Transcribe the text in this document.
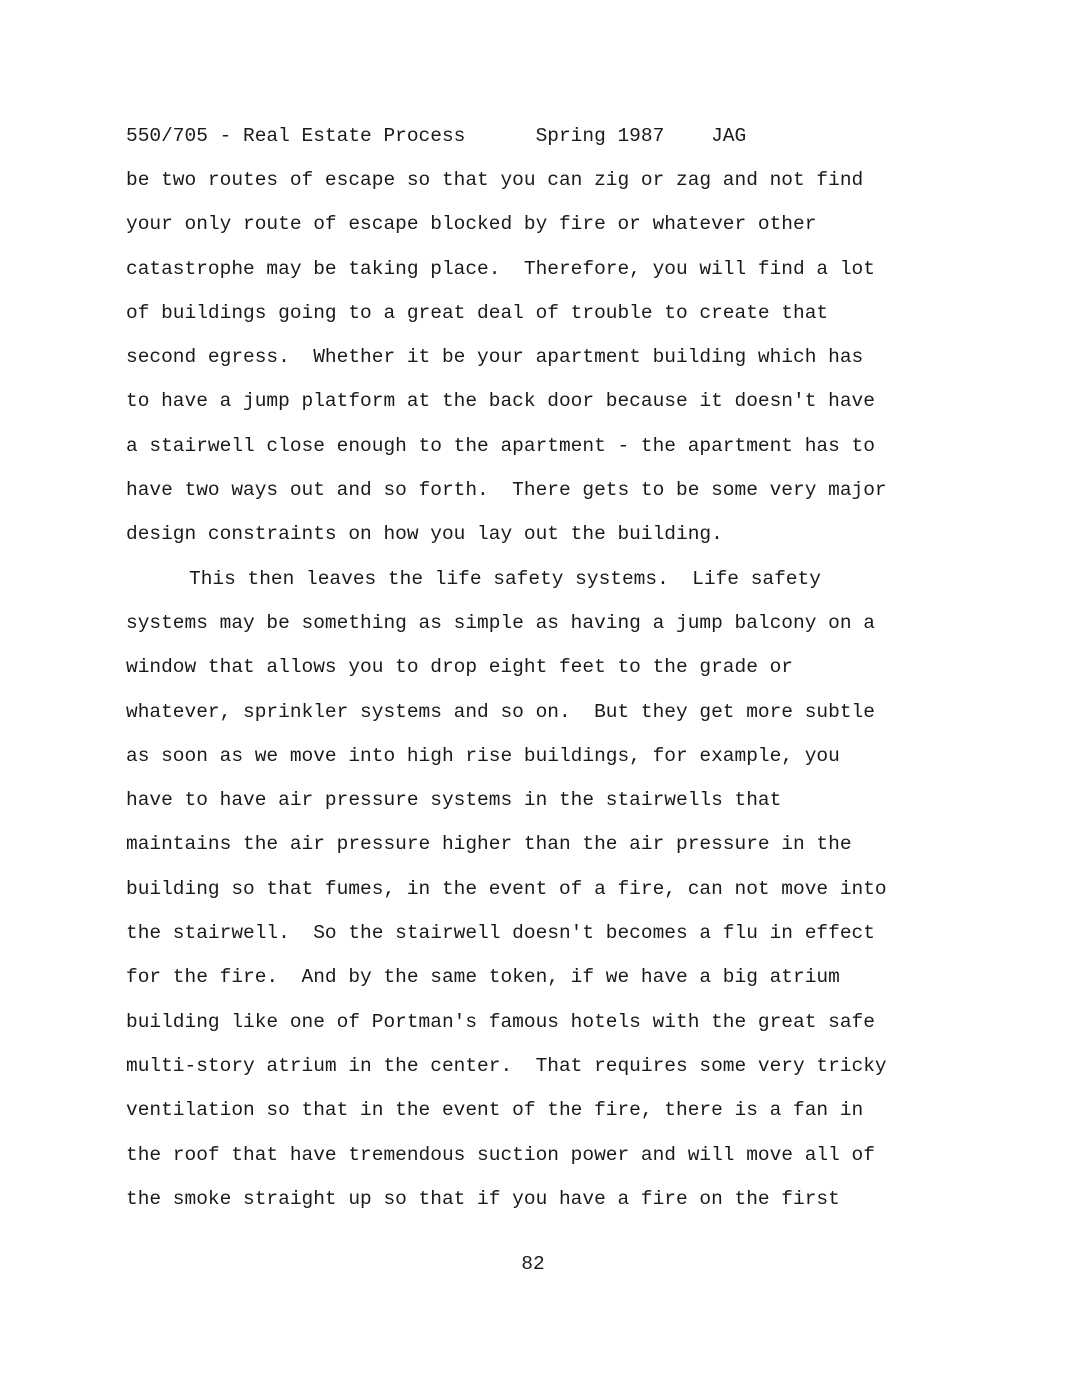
550/705 - Real Estate Process      Spring 1987    JAG
be two routes of escape so that you can zig or zag and not find
your only route of escape blocked by fire or whatever other
catastrophe may be taking place.  Therefore, you will find a lot
of buildings going to a great deal of trouble to create that
second egress.  Whether it be your apartment building which has
to have a jump platform at the back door because it doesn't have
a stairwell close enough to the apartment - the apartment has to
have two ways out and so forth.  There gets to be some very major
design constraints on how you lay out the building.
This then leaves the life safety systems.  Life safety
systems may be something as simple as having a jump balcony on a
window that allows you to drop eight feet to the grade or
whatever, sprinkler systems and so on.  But they get more subtle
as soon as we move into high rise buildings, for example, you
have to have air pressure systems in the stairwells that
maintains the air pressure higher than the air pressure in the
building so that fumes, in the event of a fire, can not move into
the stairwell.  So the stairwell doesn't becomes a flu in effect
for the fire.  And by the same token, if we have a big atrium
building like one of Portman's famous hotels with the great safe
multi-story atrium in the center.  That requires some very tricky
ventilation so that in the event of the fire, there is a fan in
the roof that have tremendous suction power and will move all of
the smoke straight up so that if you have a fire on the first
82
